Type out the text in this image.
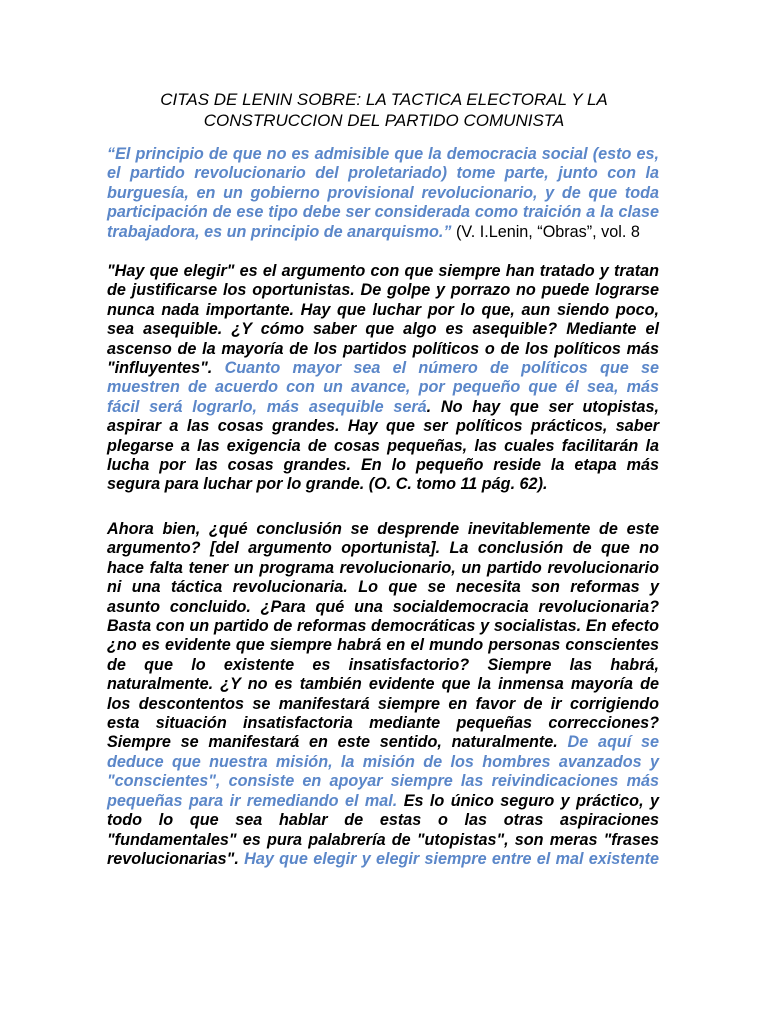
CITAS DE LENIN SOBRE: LA TACTICA ELECTORAL Y LA
CONSTRUCCION DEL PARTIDO COMUNISTA

“El principio de que no es admisible que la democracia social (esto es,
el partido revolucionario del proletariado) tome parte, junto con la
burguesía, en un gobierno provisional revolucionario, y de que toda
participación de ese tipo debe ser considerada como traición a la clase
trabajadora, es un principio de anarquismo.” (V. I.Lenin, “Obras”, vol. 8

"Hay que elegir" es el argumento con que siempre han tratado y tratan
de justificarse los oportunistas. De golpe y porrazo no puede lograrse
nunca nada importante. Hay que luchar por lo que, aun siendo poco,
sea asequible. ¿Y cómo saber que algo es asequible? Mediante el
ascenso de la mayoría de los partidos políticos o de los políticos más
"influyentes". Cuanto mayor sea el número de políticos que se
muestren de acuerdo con un avance, por pequeño que él sea, más
fácil será lograrlo, más asequible será. No hay que ser utopistas,
aspirar a las cosas grandes. Hay que ser políticos prácticos, saber
plegarse a las exigencia de cosas pequeñas, las cuales facilitarán la
lucha por las cosas grandes. En lo pequeño reside la etapa más
segura para luchar por lo grande. (O. C. tomo 11 pág. 62).

Ahora bien, ¿qué conclusión se desprende inevitablemente de este
argumento? [del argumento oportunista]. La conclusión de que no
hace falta tener un programa revolucionario, un partido revolucionario
ni una táctica revolucionaria. Lo que se necesita son reformas y
asunto concluido. ¿Para qué una socialdemocracia revolucionaria?
Basta con un partido de reformas democráticas y socialistas. En efecto
¿no es evidente que siempre habrá en el mundo personas conscientes
de que lo existente es insatisfactorio? Siempre las habrá,
naturalmente. ¿Y no es también evidente que la inmensa mayoría de
los descontentos se manifestará siempre en favor de ir corrigiendo
esta situación insatisfactoria mediante pequeñas correcciones?
Siempre se manifestará en este sentido, naturalmente. De aquí se
deduce que nuestra misión, la misión de los hombres avanzados y
"conscientes", consiste en apoyar siempre las reivindicaciones más
pequeñas para ir remediando el mal. Es lo único seguro y práctico, y
todo lo que sea hablar de estas o las otras aspiraciones
"fundamentales" es pura palabrería de "utopistas", son meras "frases
revolucionarias". Hay que elegir y elegir siempre entre el mal existente
